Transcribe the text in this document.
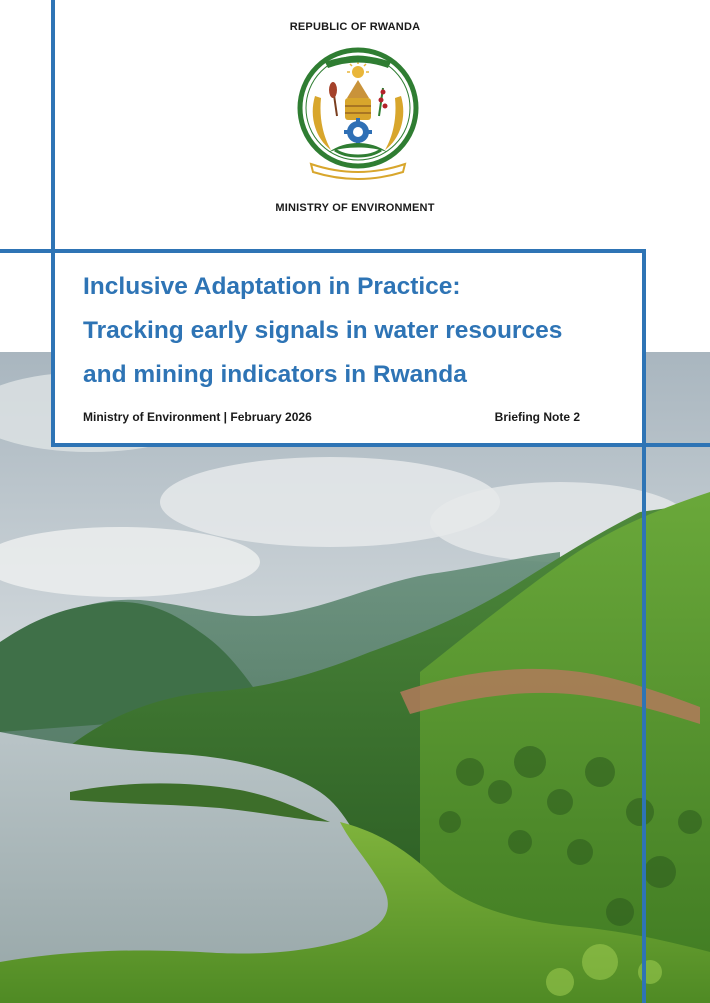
REPUBLIC OF RWANDA
MINISTRY OF ENVIRONMENT
Inclusive Adaptation in Practice:
Tracking early signals in water resources
and mining indicators in Rwanda
Ministry of Environment | February 2026	Briefing Note 2
